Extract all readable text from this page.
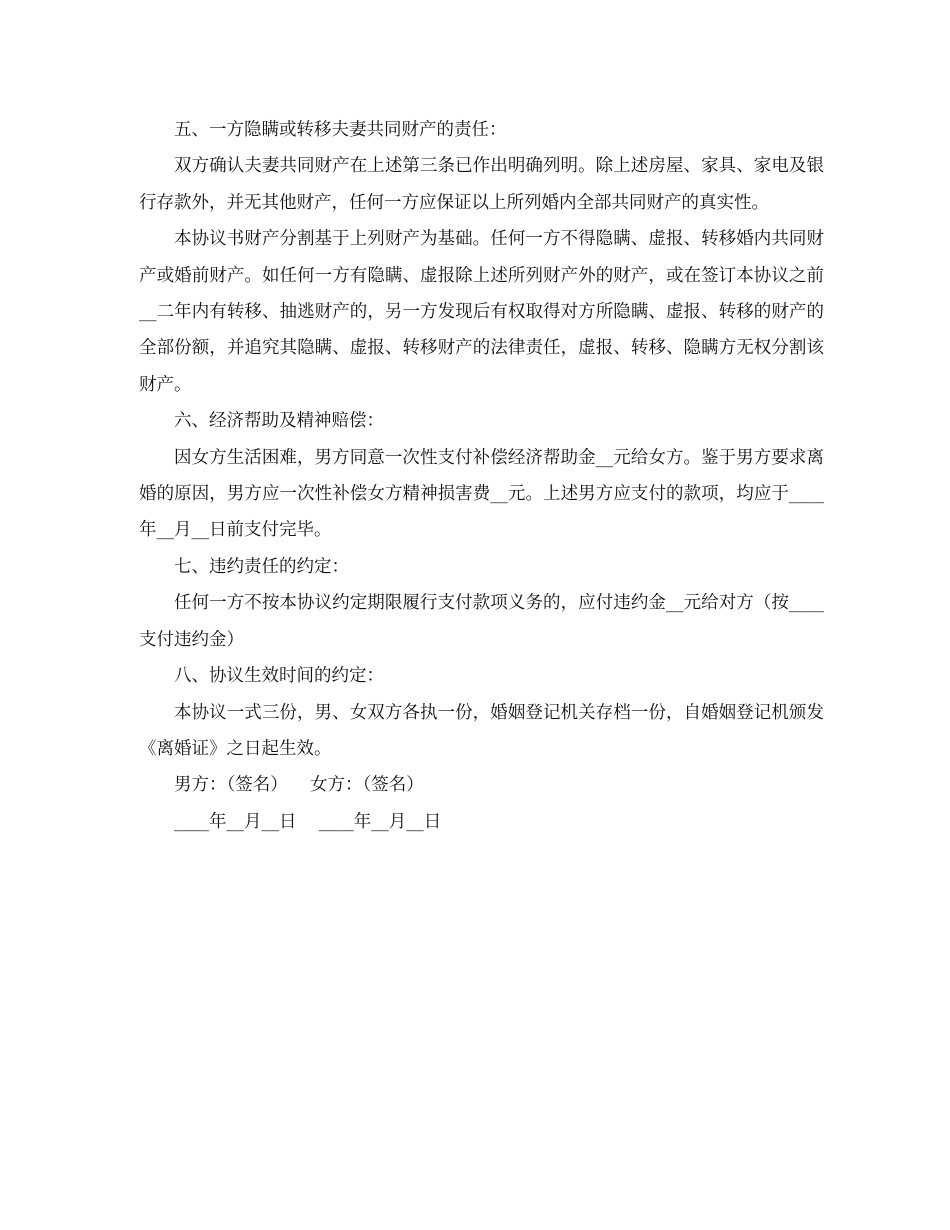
五、一方隐瞒或转移夫妻共同财产的责任：

双方确认夫妻共同财产在上述第三条已作出明确列明。除上述房屋、家具、家电及银行存款外，并无其他财产，任何一方应保证以上所列婚内全部共同财产的真实性。

本协议书财产分割基于上列财产为基础。任何一方不得隐瞒、虚报、转移婚内共同财产或婚前财产。如任何一方有隐瞒、虚报除上述所列财产外的财产，或在签订本协议之前__二年内有转移、抽逃财产的，另一方发现后有权取得对方所隐瞒、虚报、转移的财产的全部份额，并追究其隐瞒、虚报、转移财产的法律责任，虚报、转移、隐瞒方无权分割该财产。

六、经济帮助及精神赔偿：

因女方生活困难，男方同意一次性支付补偿经济帮助金__元给女方。鉴于男方要求离婚的原因，男方应一次性补偿女方精神损害费__元。上述男方应支付的款项，均应于____年__月__日前支付完毕。

七、违约责任的约定：

任何一方不按本协议约定期限履行支付款项义务的，应付违约金__元给对方（按____支付违约金）

八、协议生效时间的约定：

本协议一式三份，男、女双方各执一份，婚姻登记机关存档一份，自婚姻登记机颁发《离婚证》之日起生效。

男方：（签名）    女方：（签名）
____年__月__日    ____年__月__日
